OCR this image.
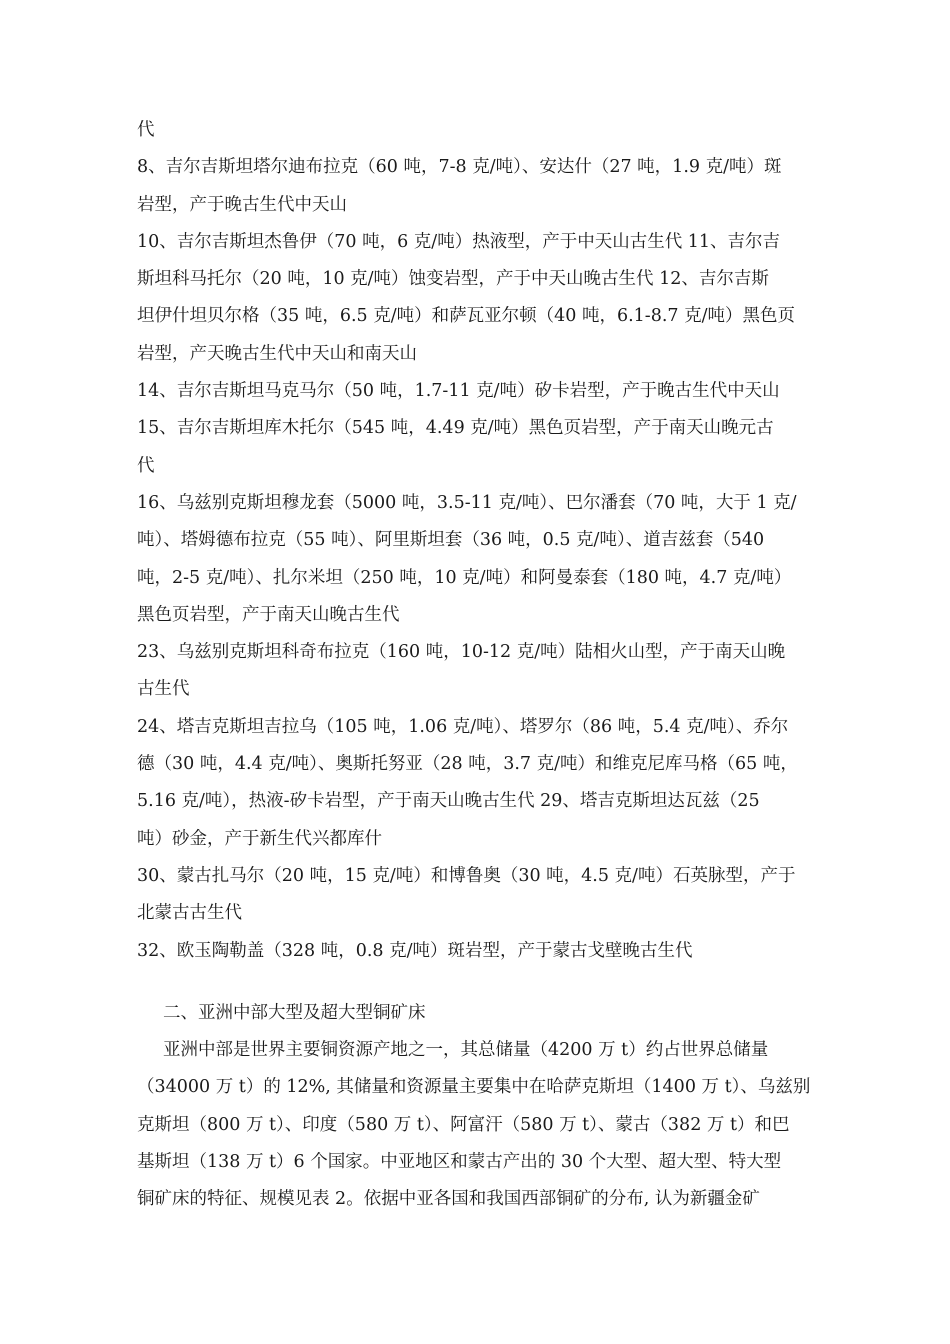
代
8、吉尔吉斯坦塔尔迪布拉克（60 吨，7-8 克/吨）、安达什（27 吨，1.9 克/吨）斑
岩型，产于晚古生代中天山
10、吉尔吉斯坦杰鲁伊（70 吨，6 克/吨）热液型，产于中天山古生代 11、吉尔吉
斯坦科马托尔（20 吨，10 克/吨）蚀变岩型，产于中天山晚古生代 12、吉尔吉斯
坦伊什坦贝尔格（35 吨，6.5 克/吨）和萨瓦亚尔顿（40 吨，6.1-8.7 克/吨）黑色页
岩型，产天晚古生代中天山和南天山
14、吉尔吉斯坦马克马尔（50 吨，1.7-11 克/吨）矽卡岩型，产于晚古生代中天山
15、吉尔吉斯坦库木托尔（545 吨，4.49 克/吨）黑色页岩型，产于南天山晚元古
代
16、乌兹别克斯坦穆龙套（5000 吨，3.5-11 克/吨）、巴尔潘套（70 吨，大于 1 克/
吨）、塔姆德布拉克（55 吨）、阿里斯坦套（36 吨，0.5 克/吨）、道吉兹套（540
吨，2-5 克/吨）、扎尔米坦（250 吨，10 克/吨）和阿曼泰套（180 吨，4.7 克/吨）
黑色页岩型，产于南天山晚古生代
23、乌兹别克斯坦科奇布拉克（160 吨，10-12 克/吨）陆相火山型，产于南天山晚
古生代
24、塔吉克斯坦吉拉乌（105 吨，1.06 克/吨）、塔罗尔（86 吨，5.4 克/吨）、乔尔
德（30 吨，4.4 克/吨）、奥斯托努亚（28 吨，3.7 克/吨）和维克尼库马格（65 吨，
5.16 克/吨），热液-矽卡岩型，产于南天山晚古生代 29、塔吉克斯坦达瓦兹（25
吨）砂金，产于新生代兴都库什
30、蒙古扎马尔（20 吨，15 克/吨）和博鲁奥（30 吨，4.5 克/吨）石英脉型，产于
北蒙古古生代
32、欧玉陶勒盖（328 吨，0.8 克/吨）斑岩型，产于蒙古戈壁晚古生代
二、亚洲中部大型及超大型铜矿床
亚洲中部是世界主要铜资源产地之一，其总储量（4200 万 t）约占世界总储量
（34000 万 t）的 12%, 其储量和资源量主要集中在哈萨克斯坦（1400 万 t）、乌兹别
克斯坦（800 万 t）、印度（580 万 t）、阿富汗（580 万 t）、蒙古（382 万 t）和巴
基斯坦（138 万 t）6 个国家。中亚地区和蒙古产出的 30 个大型、超大型、特大型
铜矿床的特征、规模见表 2。依据中亚各国和我国西部铜矿的分布, 认为新疆金矿
